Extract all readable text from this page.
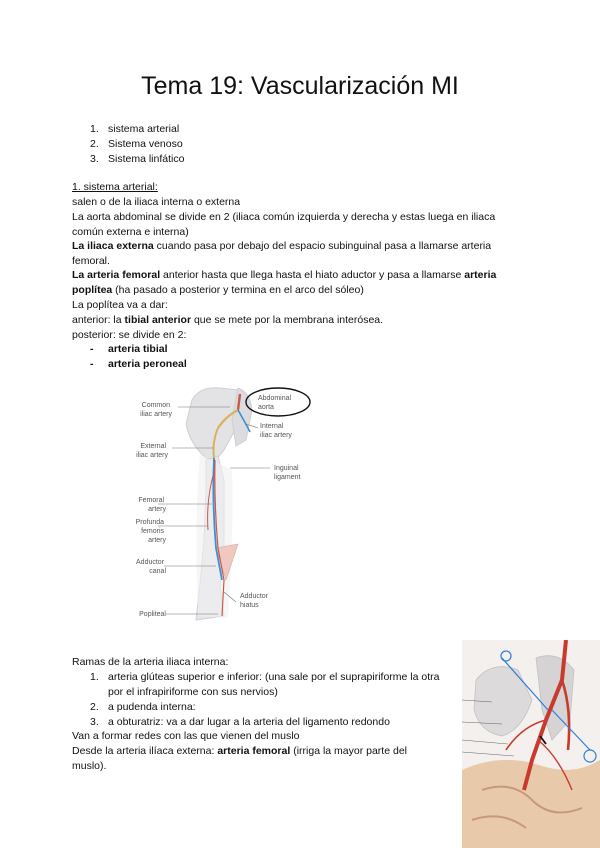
Tema 19: Vascularización MI
1. sistema arterial
2. Sistema venoso
3. Sistema linfático

1. sistema arterial:

salen o de la iliaca interna o externa

La aorta abdominal se divide en 2 (iliaca común izquierda y derecha y estas luega en iliaca

común externa e interna)

La iliaca externa cuando pasa por debajo del espacio subinguinal pasa a llamarse arteria

femoral.

La arteria femoral anterior hasta que llega hasta el hiato aductor y pasa a llamarse arteria

poplítea (ha pasado a posterior y termina en el arco del sóleo)

La poplítea va a dar:

anterior: la tibial anterior que se mete por la membrana interósea.

posterior: se divide en 2:

- arteria tibial
- arteria peroneal
Common iliac artery
External iliac artery
Femoral artery
Profunda femoris artery
Adductor canal
Popliteal
Abdominal aorta
Internal iliac artery
Inguinal ligament
Adductor hiatus

Ramas de la arteria iliaca interna:

1. arteria glúteas superior e inferior: (una sale por el suprapiriforme la otra
por el infrapiriforme con sus nervios)
2. a pudenda interna:
3. a obturatriz: va a dar lugar a la arteria del ligamento redondo
Van a formar redes con las que vienen del muslo
Desde la arteria ilíaca externa: arteria femoral (irriga la mayor parte del
muslo).
